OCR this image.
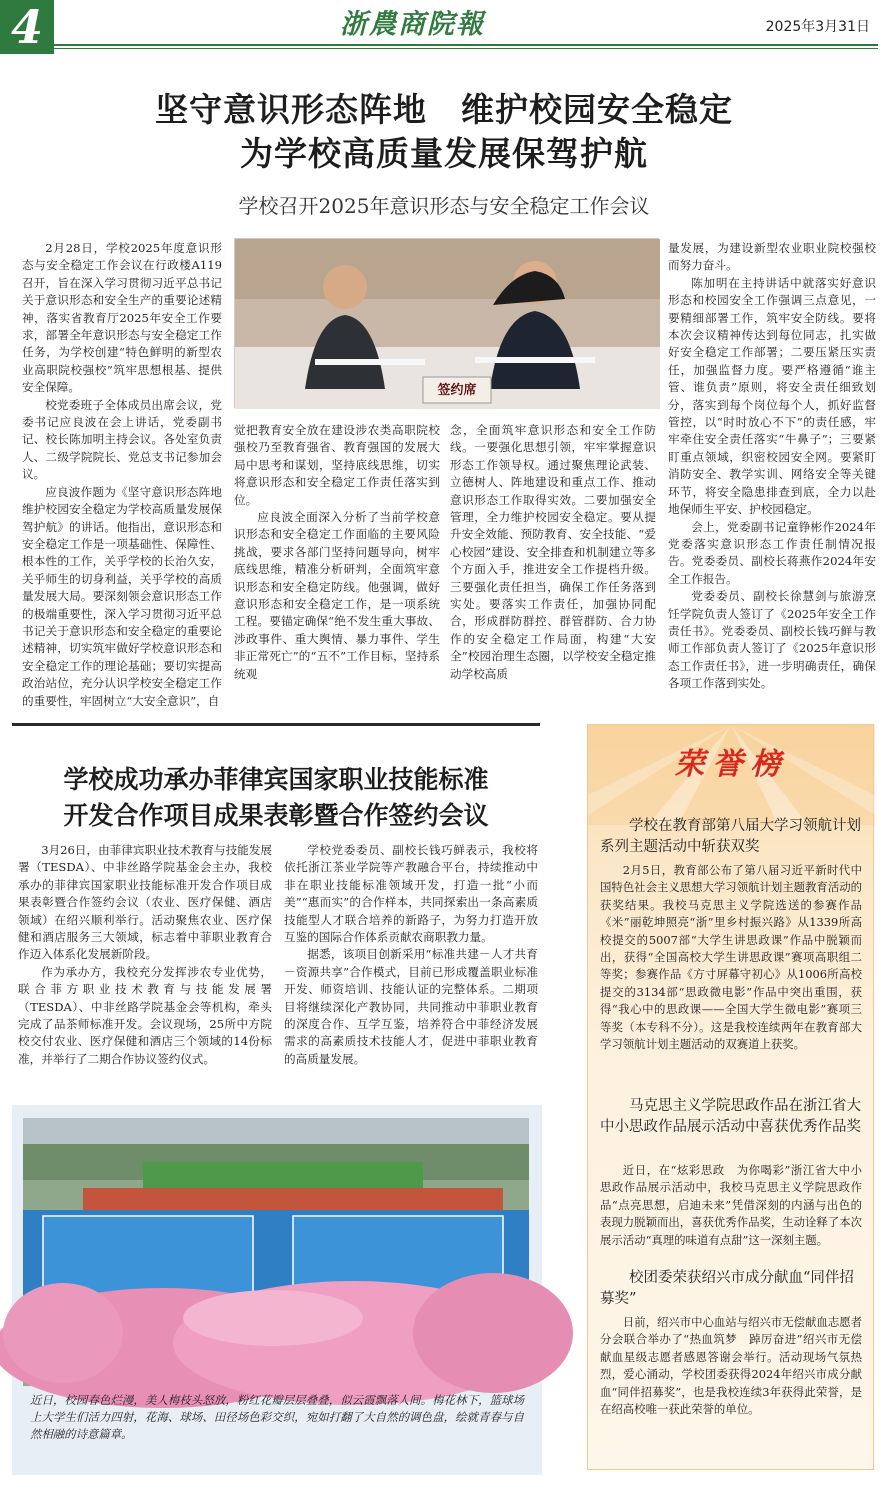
4	浙農商院報	2025年3月31日
坚守意识形态阵地　维护校园安全稳定
为学校高质量发展保驾护航
学校召开2025年意识形态与安全稳定工作会议

2月28日，学校2025年度意识形态与安全稳定工作会议在行政楼A119召开，旨在深入学习贯彻习近平总书记关于意识形态和安全生产的重要论述精神，落实省教育厅2025年安全工作要求，部署全年意识形态与安全稳定工作任务，为学校创建“特色鲜明的新型农业高职院校强校”筑牢思想根基、提供安全保障。

校党委班子全体成员出席会议，党委书记应良波在会上讲话，党委副书记、校长陈加明主持会议。各处室负责人、二级学院院长、党总支书记参加会议。

应良波作题为《坚守意识形态阵地维护校园安全稳定为学校高质量发展保驾护航》的讲话。他指出，意识形态和安全稳定工作是一项基础性、保障性、根本性的工作，关乎学校的长治久安，关乎师生的切身利益，关乎学校的高质量发展大局。要深刻领会意识形态工作的极端重要性，深入学习贯彻习近平总书记关于意识形态和安全稳定的重要论述精神，切实筑牢做好学校意识形态和安全稳定工作的理论基础；要切实提高政治站位，充分认识学校安全稳定工作的重要性，牢固树立“大安全意识”，自

签约席

觉把教育安全放在建设涉农类高职院校强校乃至教育强省、教育强国的发展大局中思考和谋划，坚持底线思维，切实将意识形态和安全稳定工作责任落实到位。

应良波全面深入分析了当前学校意识形态和安全稳定工作面临的主要风险挑战，要求各部门坚持问题导向，树牢底线思维，精准分析研判，全面筑牢意识形态和安全稳定防线。他强调，做好意识形态和安全稳定工作，是一项系统工程。要锚定确保“绝不发生重大事故、涉政事件、重大舆情、暴力事件、学生非正常死亡”的“五不”工作目标，坚持系统观

念，全面筑牢意识形态和安全工作防线。一要强化思想引领，牢牢掌握意识形态工作领导权。通过聚焦理论武装、立德树人、阵地建设和重点工作、推动意识形态工作取得实效。二要加强安全管理，全力维护校园安全稳定。要从提升安全效能、预防教育、安全技能、“爱心校园”建设、安全排查和机制建立等多个方面入手，推进安全工作提档升级。三要强化责任担当，确保工作任务落到实处。要落实工作责任，加强协同配合，形成群防群控、群管群防、合力协作的安全稳定工作局面，构建“大安全”校园治理生态圈，以学校安全稳定推动学校高质

量发展，为建设新型农业职业院校强校而努力奋斗。

陈加明在主持讲话中就落实好意识形态和校园安全工作强调三点意见，一要精细部署工作，筑牢安全防线。要将本次会议精神传达到每位同志，扎实做好安全稳定工作部署；二要压紧压实责任，加强监督力度。要严格遵循“谁主管、谁负责”原则，将安全责任细致划分，落实到每个岗位每个人，抓好监督管控，以“时时放心不下”的责任感，牢牢牵住安全责任落实“牛鼻子”；三要紧盯重点领域，织密校园安全网。要紧盯消防安全、教学实训、网络安全等关键环节，将安全隐患排查到底，全力以赴地保师生平安、护校园稳定。

会上，党委副书记童铮彬作2024年党委落实意识形态工作责任制情况报告。党委委员、副校长蒋燕作2024年安全工作报告。

党委委员、副校长徐慧剑与旅游烹饪学院负责人签订了《2025年安全工作责任书》。党委委员、副校长钱巧鲜与教师工作部负责人签订了《2025年意识形态工作责任书》，进一步明确责任，确保各项工作落到实处。

学校成功承办菲律宾国家职业技能标准
开发合作项目成果表彰暨合作签约会议

3月26日，由菲律宾职业技术教育与技能发展署（TESDA）、中非丝路学院基金会主办，我校承办的菲律宾国家职业技能标准开发合作项目成果表彰暨合作签约会议（农业、医疗保健、酒店领域）在绍兴顺利举行。活动聚焦农业、医疗保健和酒店服务三大领域，标志着中菲职业教育合作迈入体系化发展新阶段。

作为承办方，我校充分发挥涉农专业优势，联合菲方职业技术教育与技能发展署（TESDA）、中非丝路学院基金会等机构，牵头完成了品茶师标准开发。会议现场，25所中方院校交付农业、医疗保健和酒店三个领域的14份标准，并举行了二期合作协议签约仪式。

学校党委委员、副校长钱巧鲜表示，我校将依托浙江茶业学院等产教融合平台，持续推动中非在职业技能标准领域开发，打造一批“小而美”“惠而实”的合作样本，共同探索出一条高素质技能型人才联合培养的新路子，为努力打造开放互鉴的国际合作体系贡献农商职教力量。

据悉，该项目创新采用“标准共建－人才共育－资源共享”合作模式，目前已形成覆盖职业标准开发、师资培训、技能认证的完整体系。二期项目将继续深化产教协同，共同推动中菲职业教育的深度合作、互学互鉴，培养符合中菲经济发展需求的高素质技术技能人才，促进中菲职业教育的高质量发展。

近日，校园春色烂漫，美人梅枝头怒放，粉红花瓣层层叠叠，似云霞飘落人间。梅花林下，篮球场上大学生们活力四射，花海、球场、田径场色彩交织，宛如打翻了大自然的调色盘，绘就青春与自然相融的诗意篇章。
荣誉榜

学校在教育部第八届大学习领航计划系列主题活动中斩获双奖

2月5日，教育部公布了第八届习近平新时代中国特色社会主义思想大学习领航计划主题教育活动的获奖结果。我校马克思主义学院选送的参赛作品《米”丽乾坤照亮“浙”里乡村振兴路》从1339所高校提交的5007部“大学生讲思政课”作品中脱颖而出，获得“全国高校大学生讲思政课”赛项高职组二等奖；参赛作品《方寸屏幕守初心》从1006所高校提交的3134部“思政微电影”作品中突出重围，获得“我心中的思政课——全国大学生微电影”赛项三等奖（本专科不分）。这是我校连续两年在教育部大学习领航计划主题活动的双赛道上获奖。

马克思主义学院思政作品在浙江省大中小思政作品展示活动中喜获优秀作品奖

近日，在“炫彩思政　为你喝彩”浙江省大中小思政作品展示活动中，我校马克思主义学院思政作品“点亮思想，启迪未来”凭借深刻的内涵与出色的表现力脱颖而出，喜获优秀作品奖，生动诠释了本次展示活动“真理的味道有点甜”这一深刻主题。

校团委荣获绍兴市成分献血“同伴招募奖”

日前，绍兴市中心血站与绍兴市无偿献血志愿者分会联合举办了“热血筑梦　踔厉奋进”绍兴市无偿献血星级志愿者感恩答谢会举行。活动现场气氛热烈，爱心涌动，学校团委获得2024年绍兴市成分献血“同伴招募奖”，也是我校连续3年获得此荣誉，是在绍高校唯一获此荣誉的单位。
